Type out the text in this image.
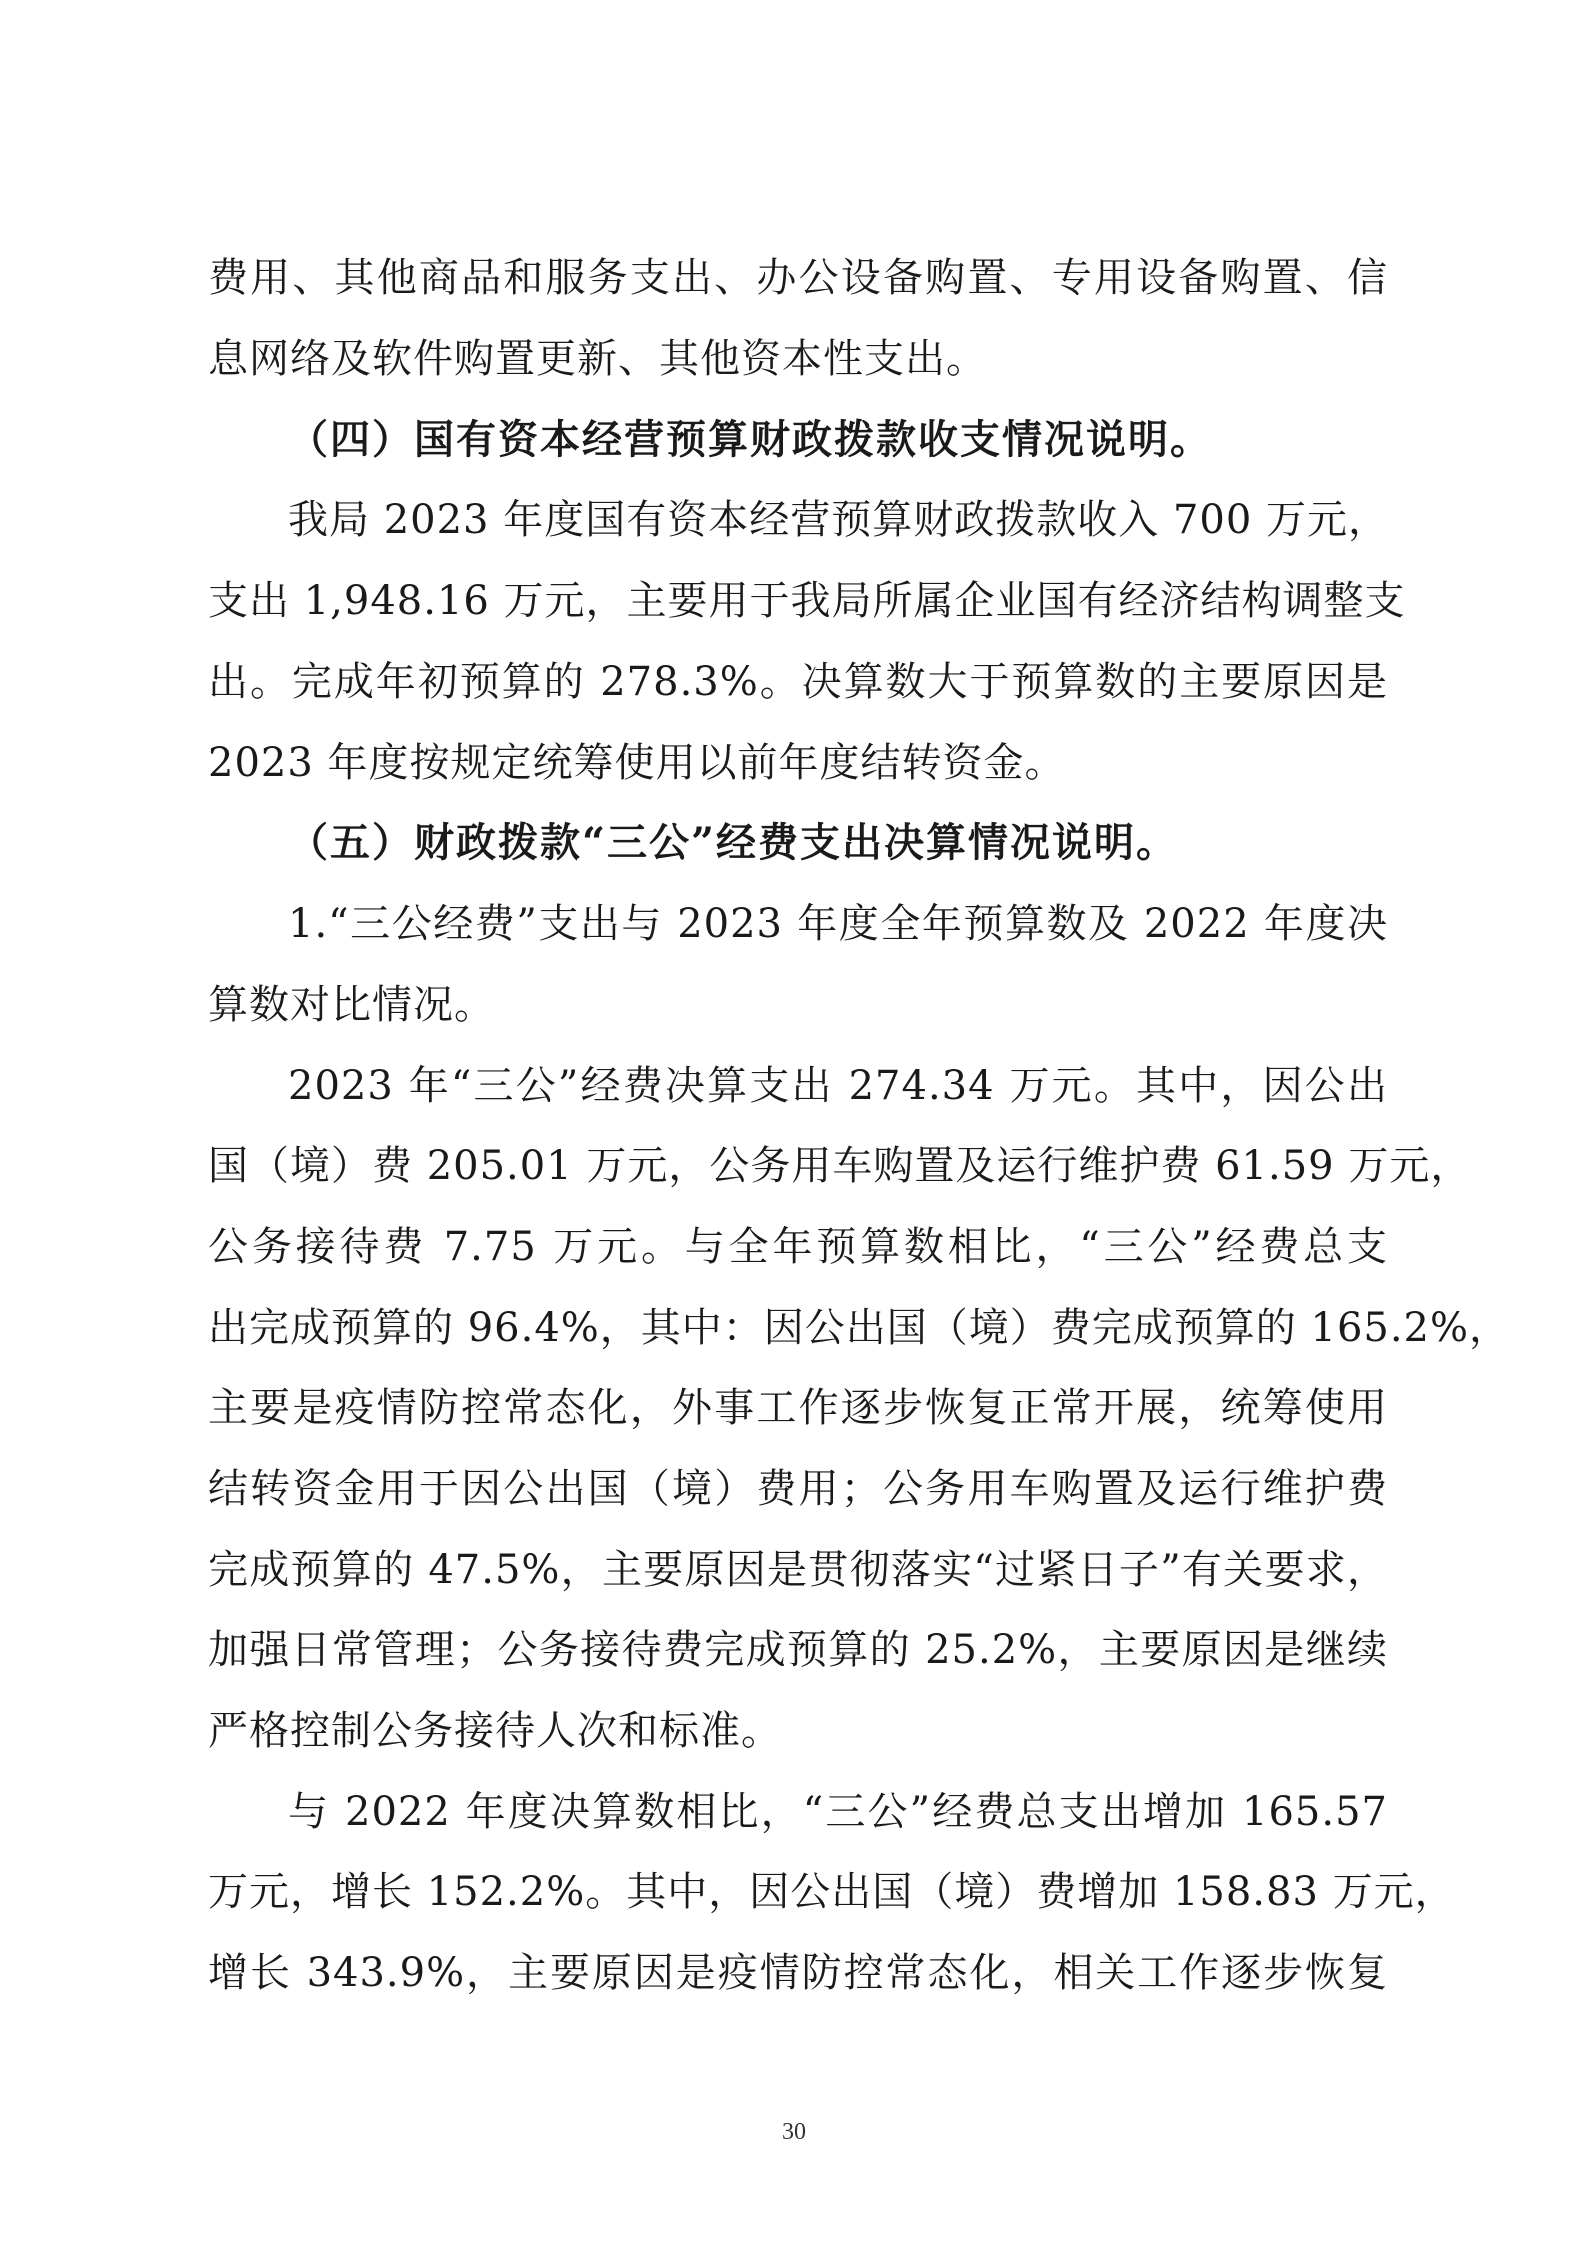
费用、其他商品和服务支出、办公设备购置、专用设备购置、信
息网络及软件购置更新、其他资本性支出。
（四）国有资本经营预算财政拨款收支情况说明。
我局 2023 年度国有资本经营预算财政拨款收入 700 万元，
支出 1,948.16 万元，主要用于我局所属企业国有经济结构调整支
出。完成年初预算的 278.3%。决算数大于预算数的主要原因是
2023 年度按规定统筹使用以前年度结转资金。
（五）财政拨款“三公”经费支出决算情况说明。
1.“三公经费”支出与 2023 年度全年预算数及 2022 年度决
算数对比情况。
2023 年“三公”经费决算支出 274.34 万元。其中，因公出
国（境）费 205.01 万元，公务用车购置及运行维护费 61.59 万元，
公务接待费 7.75 万元。与全年预算数相比，“三公”经费总支
出完成预算的 96.4%，其中：因公出国（境）费完成预算的 165.2%，
主要是疫情防控常态化，外事工作逐步恢复正常开展，统筹使用
结转资金用于因公出国（境）费用；公务用车购置及运行维护费
完成预算的 47.5%，主要原因是贯彻落实“过紧日子”有关要求，
加强日常管理；公务接待费完成预算的 25.2%，主要原因是继续
严格控制公务接待人次和标准。
与 2022 年度决算数相比，“三公”经费总支出增加 165.57
万元，增长 152.2%。其中，因公出国（境）费增加 158.83 万元，
增长 343.9%，主要原因是疫情防控常态化，相关工作逐步恢复
30
